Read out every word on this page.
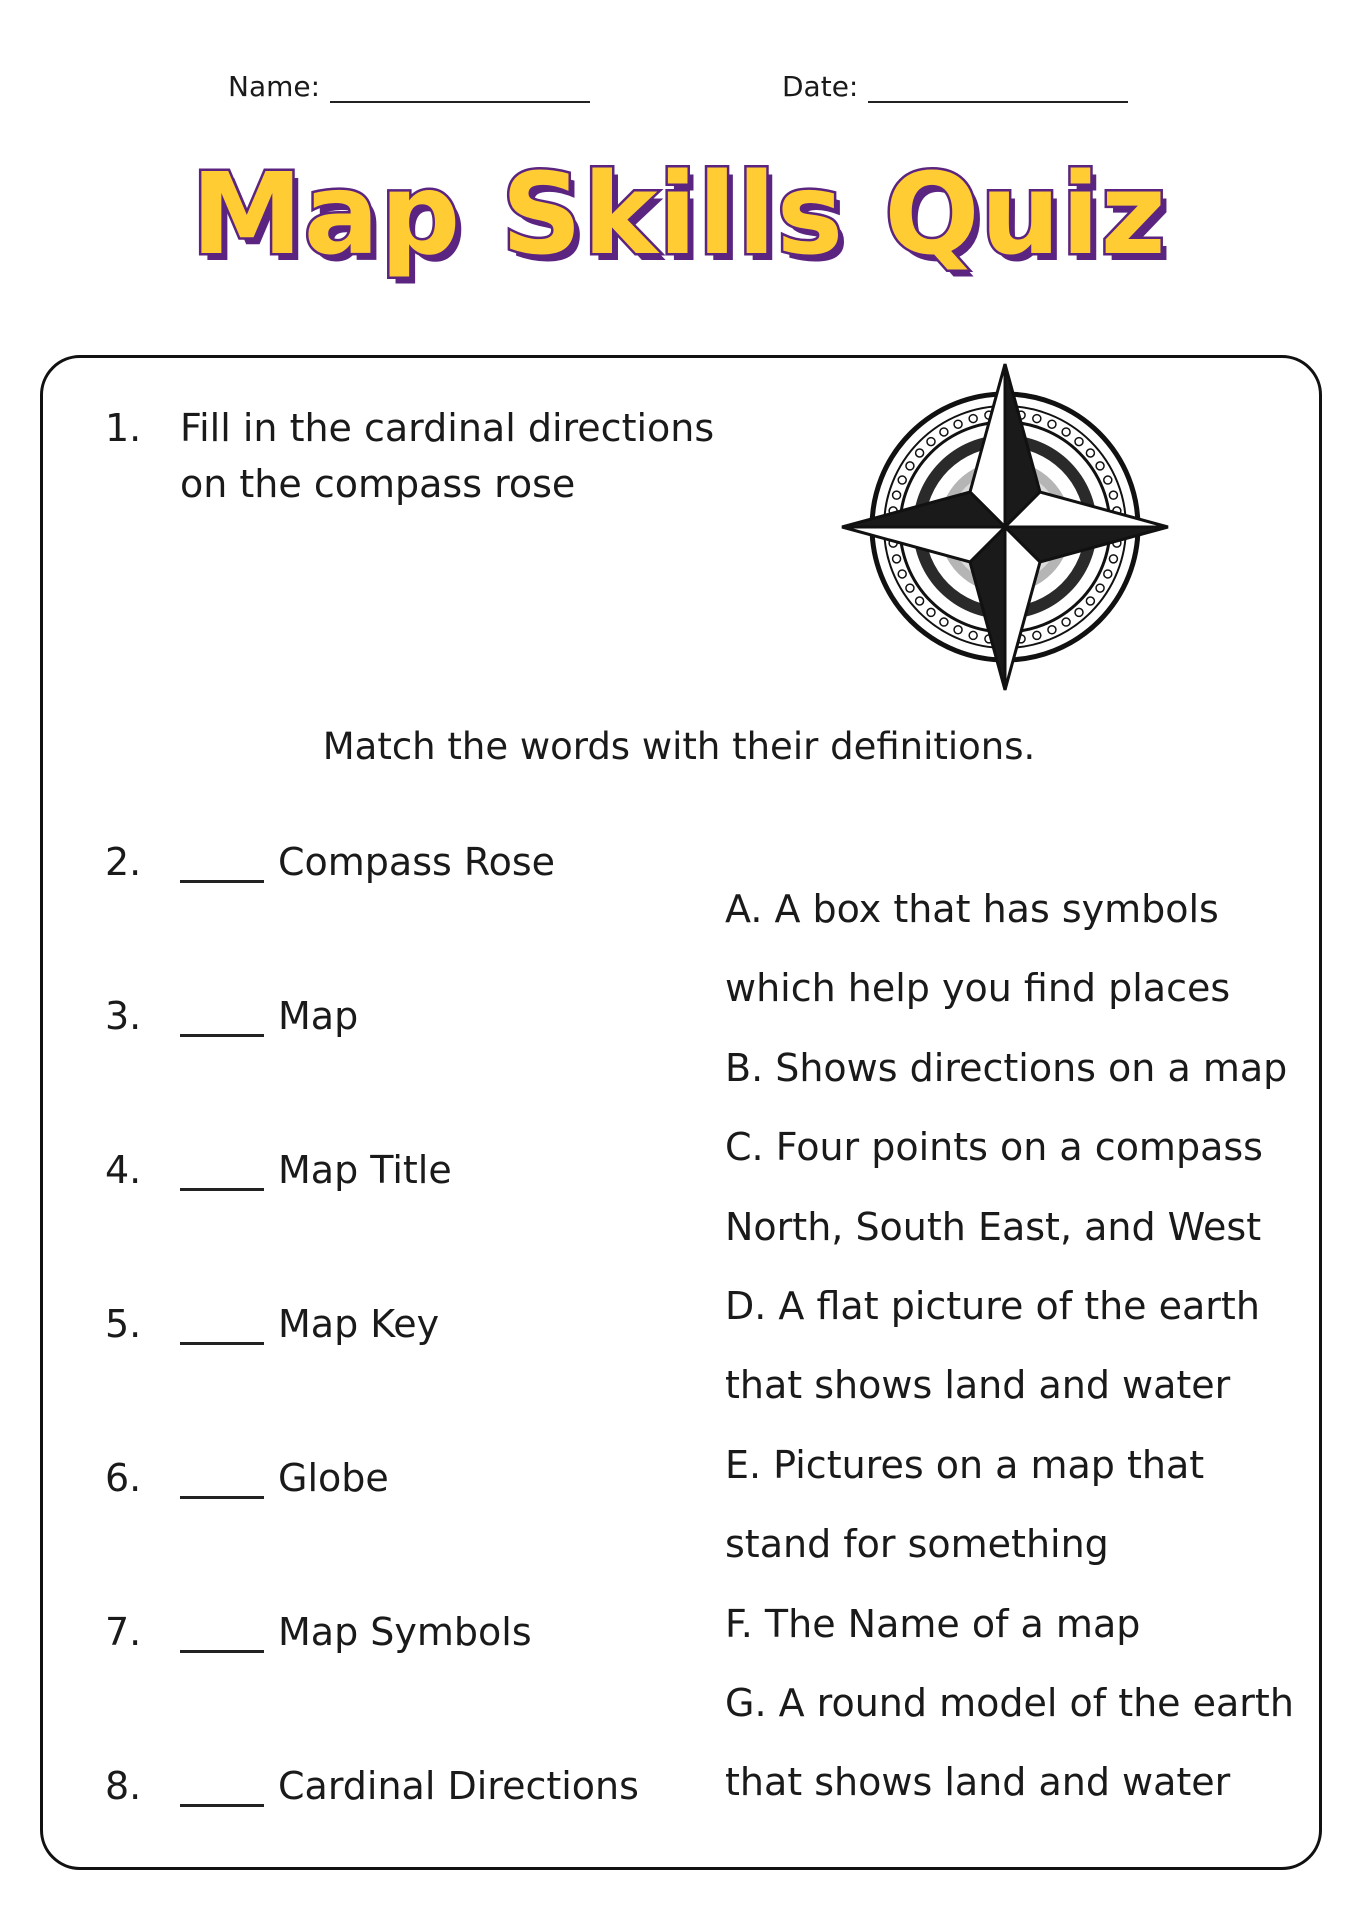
Name:	Date:
Map Skills Quiz
1.	Fill in the cardinal directions
on the compass rose
Match the words with their definitions.
2.	Compass Rose
3.	Map
4.	Map Title
5.	Map Key
6.	Globe
7.	Map Symbols
8.	Cardinal Directions
A. A box that has symbols
which help you find places
B. Shows directions on a map
C. Four points on a compass
North, South East, and West
D. A flat picture of the earth
that shows land and water
E. Pictures on a map that
stand for something
F. The Name of a map
G. A round model of the earth
that shows land and water
